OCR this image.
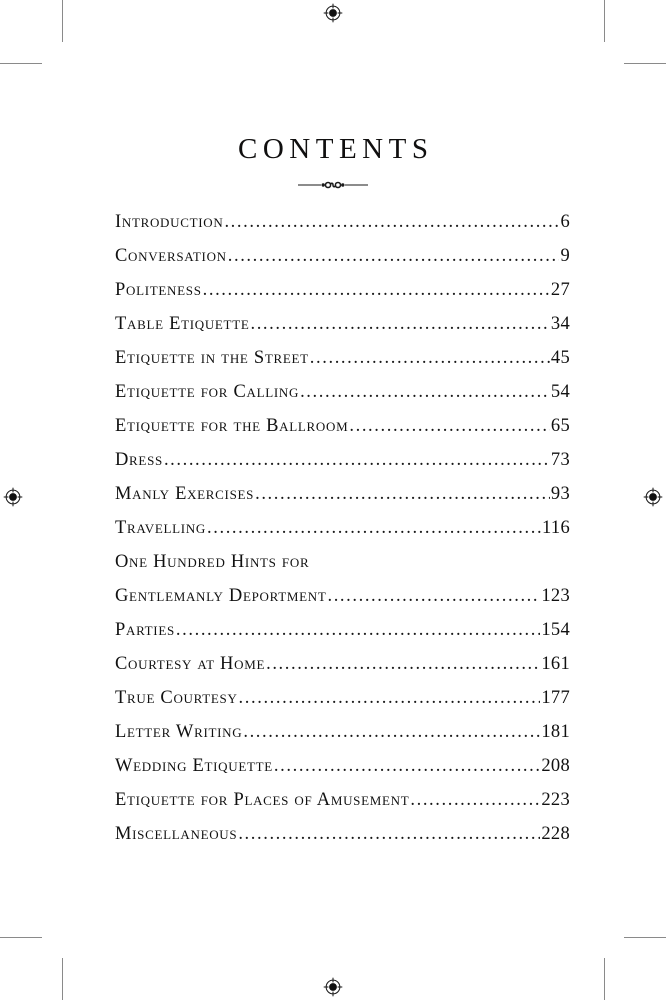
CONTENTS
Introduction .....	6
Conversation .....	9
Politeness .....	27
Table Etiquette .....	34
Etiquette in the Street .....	45
Etiquette for Calling .....	54
Etiquette for the Ballroom .....	65
Dress .....	73
Manly Exercises .....	93
Travelling .....	116
One Hundred Hints for
Gentlemanly Deportment .....	123
Parties .....	154
Courtesy at Home .....	161
True Courtesy .....	177
Letter Writing .....	181
Wedding Etiquette .....	208
Etiquette for Places of Amusement .....	223
Miscellaneous .....	228
